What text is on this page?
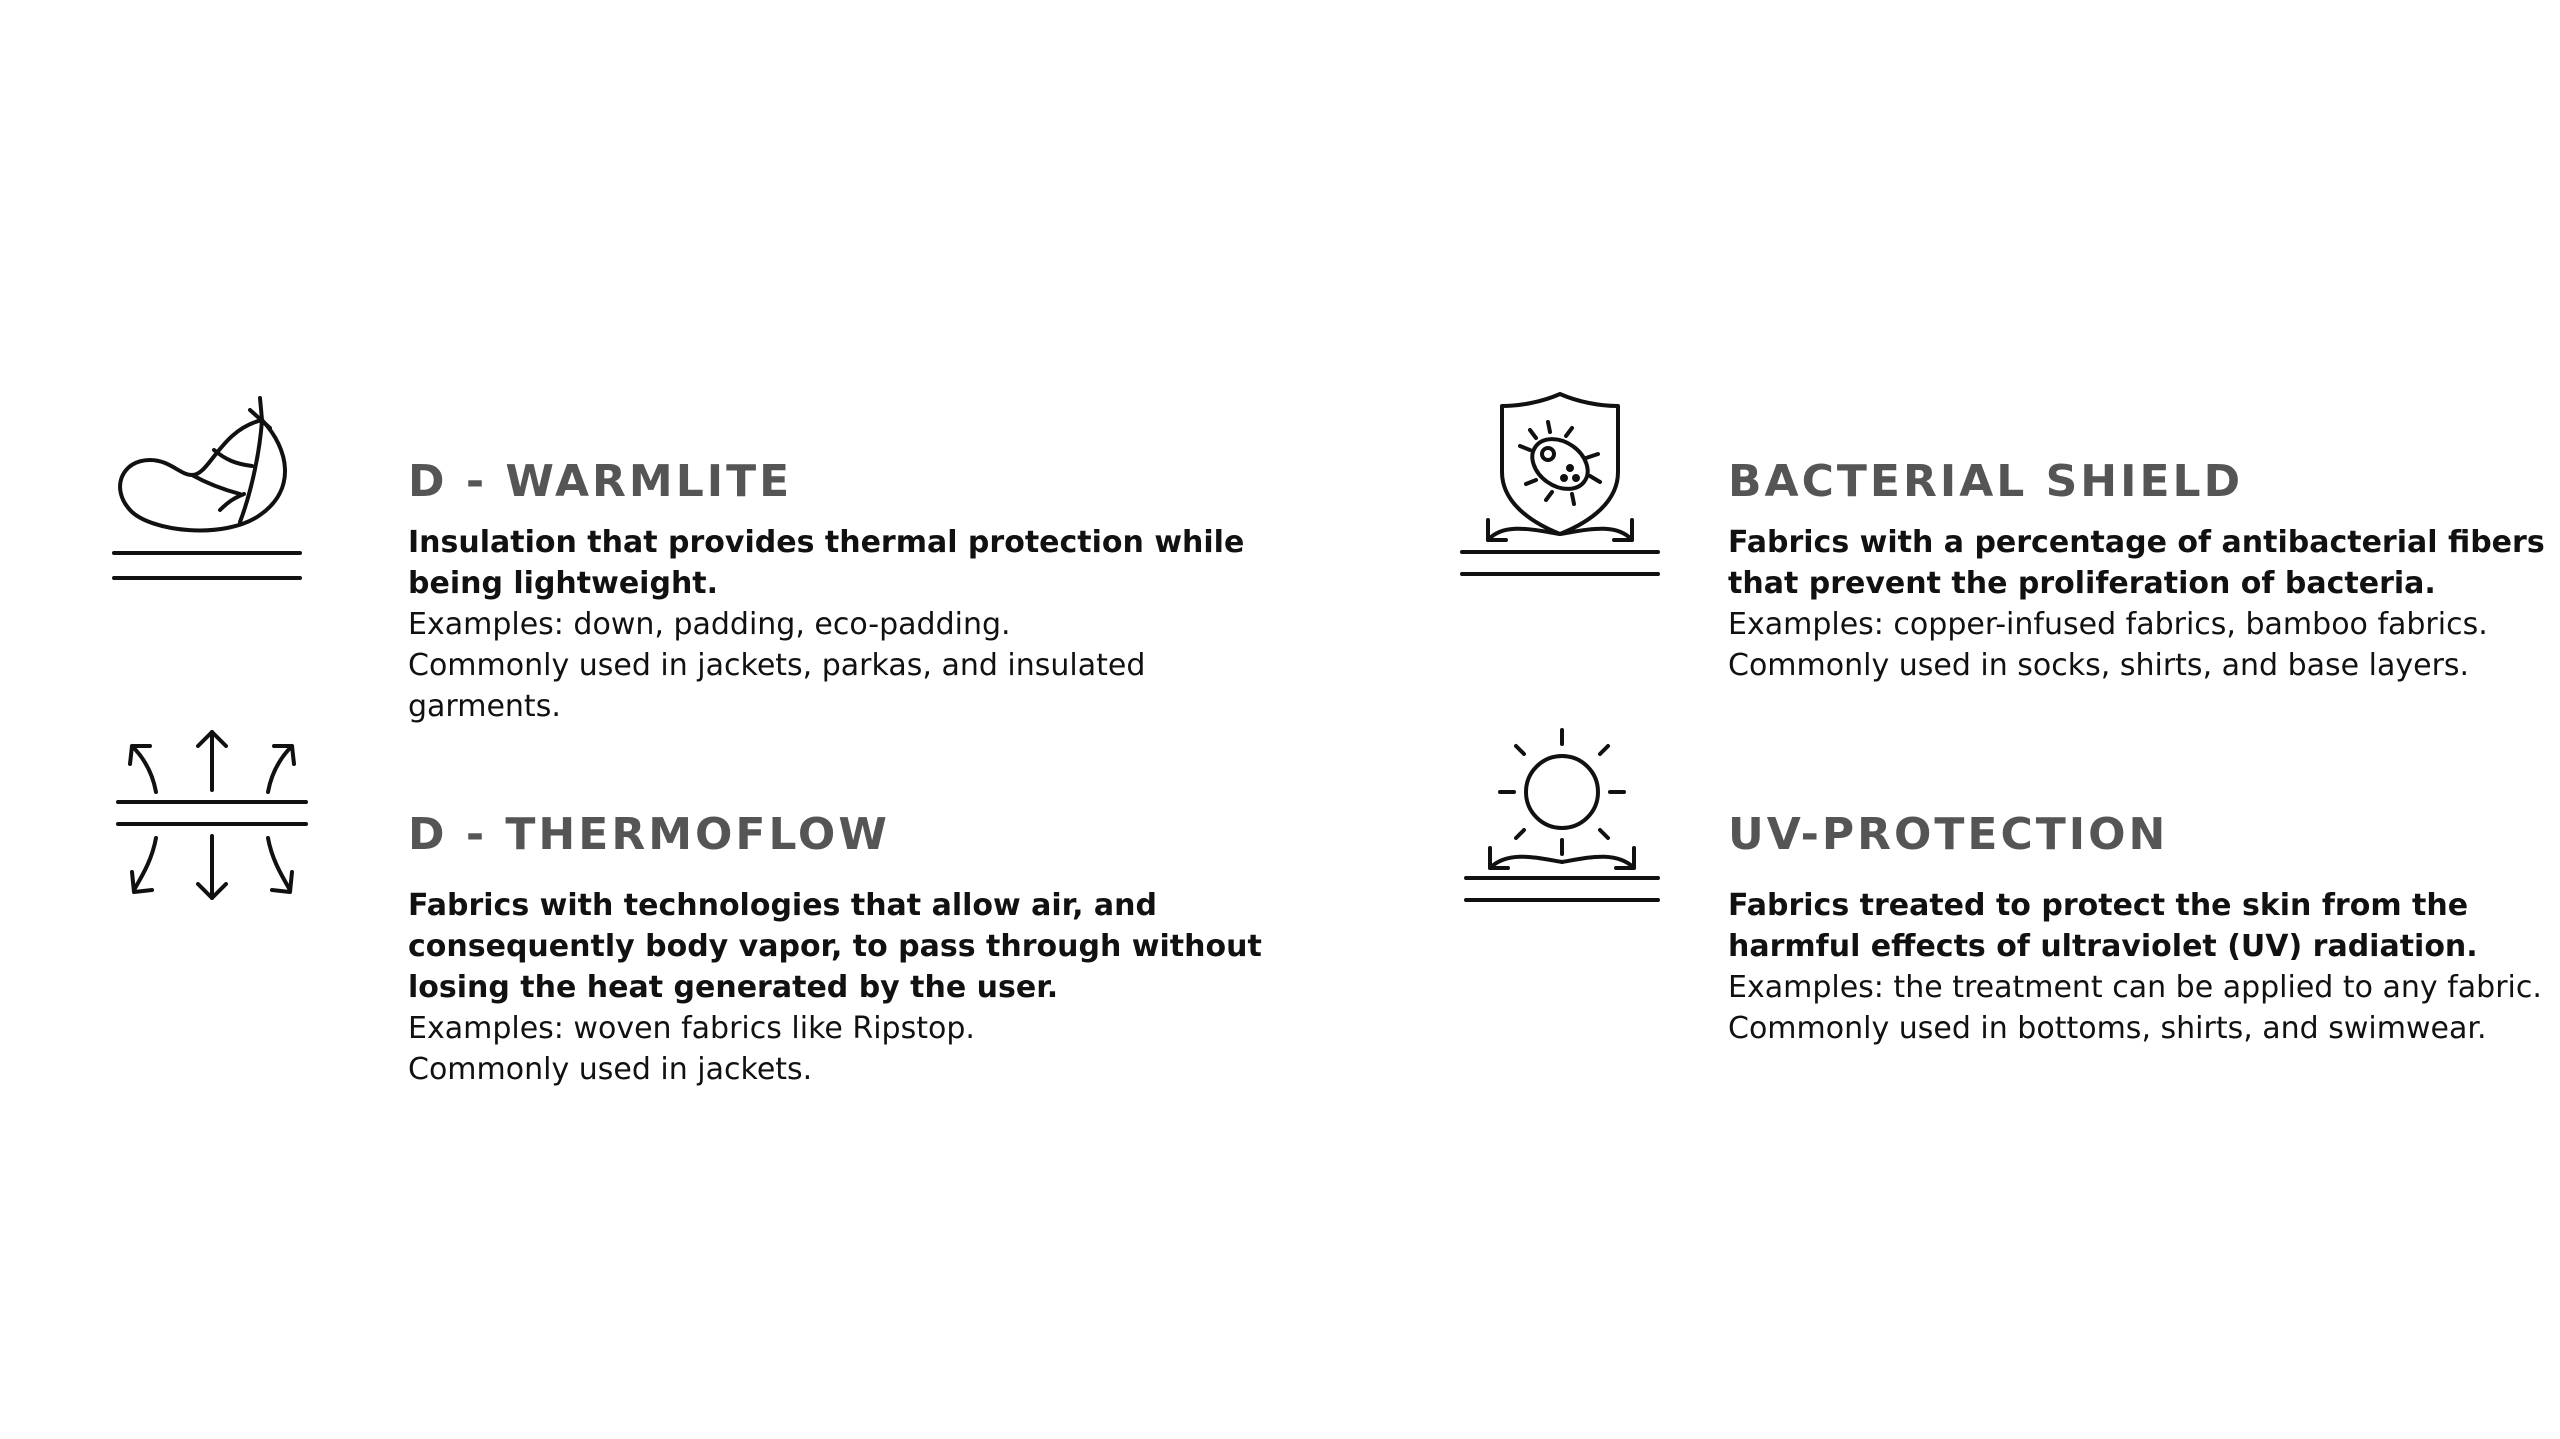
D - WARMLITE

Insulation that provides thermal protection while

being lightweight.

Examples: down, padding, eco-padding.

Commonly used in jackets, parkas, and insulated

garments.

D - THERMOFLOW

Fabrics with technologies that allow air, and

consequently body vapor, to pass through without

losing the heat generated by the user.

Examples: woven fabrics like Ripstop.

Commonly used in jackets.

BACTERIAL SHIELD

Fabrics with a percentage of antibacterial fibers

that prevent the proliferation of bacteria.

Examples: copper-infused fabrics, bamboo fabrics.

Commonly used in socks, shirts, and base layers.

UV-PROTECTION

Fabrics treated to protect the skin from the

harmful effects of ultraviolet (UV) radiation.

Examples: the treatment can be applied to any fabric.

Commonly used in bottoms, shirts, and swimwear.
